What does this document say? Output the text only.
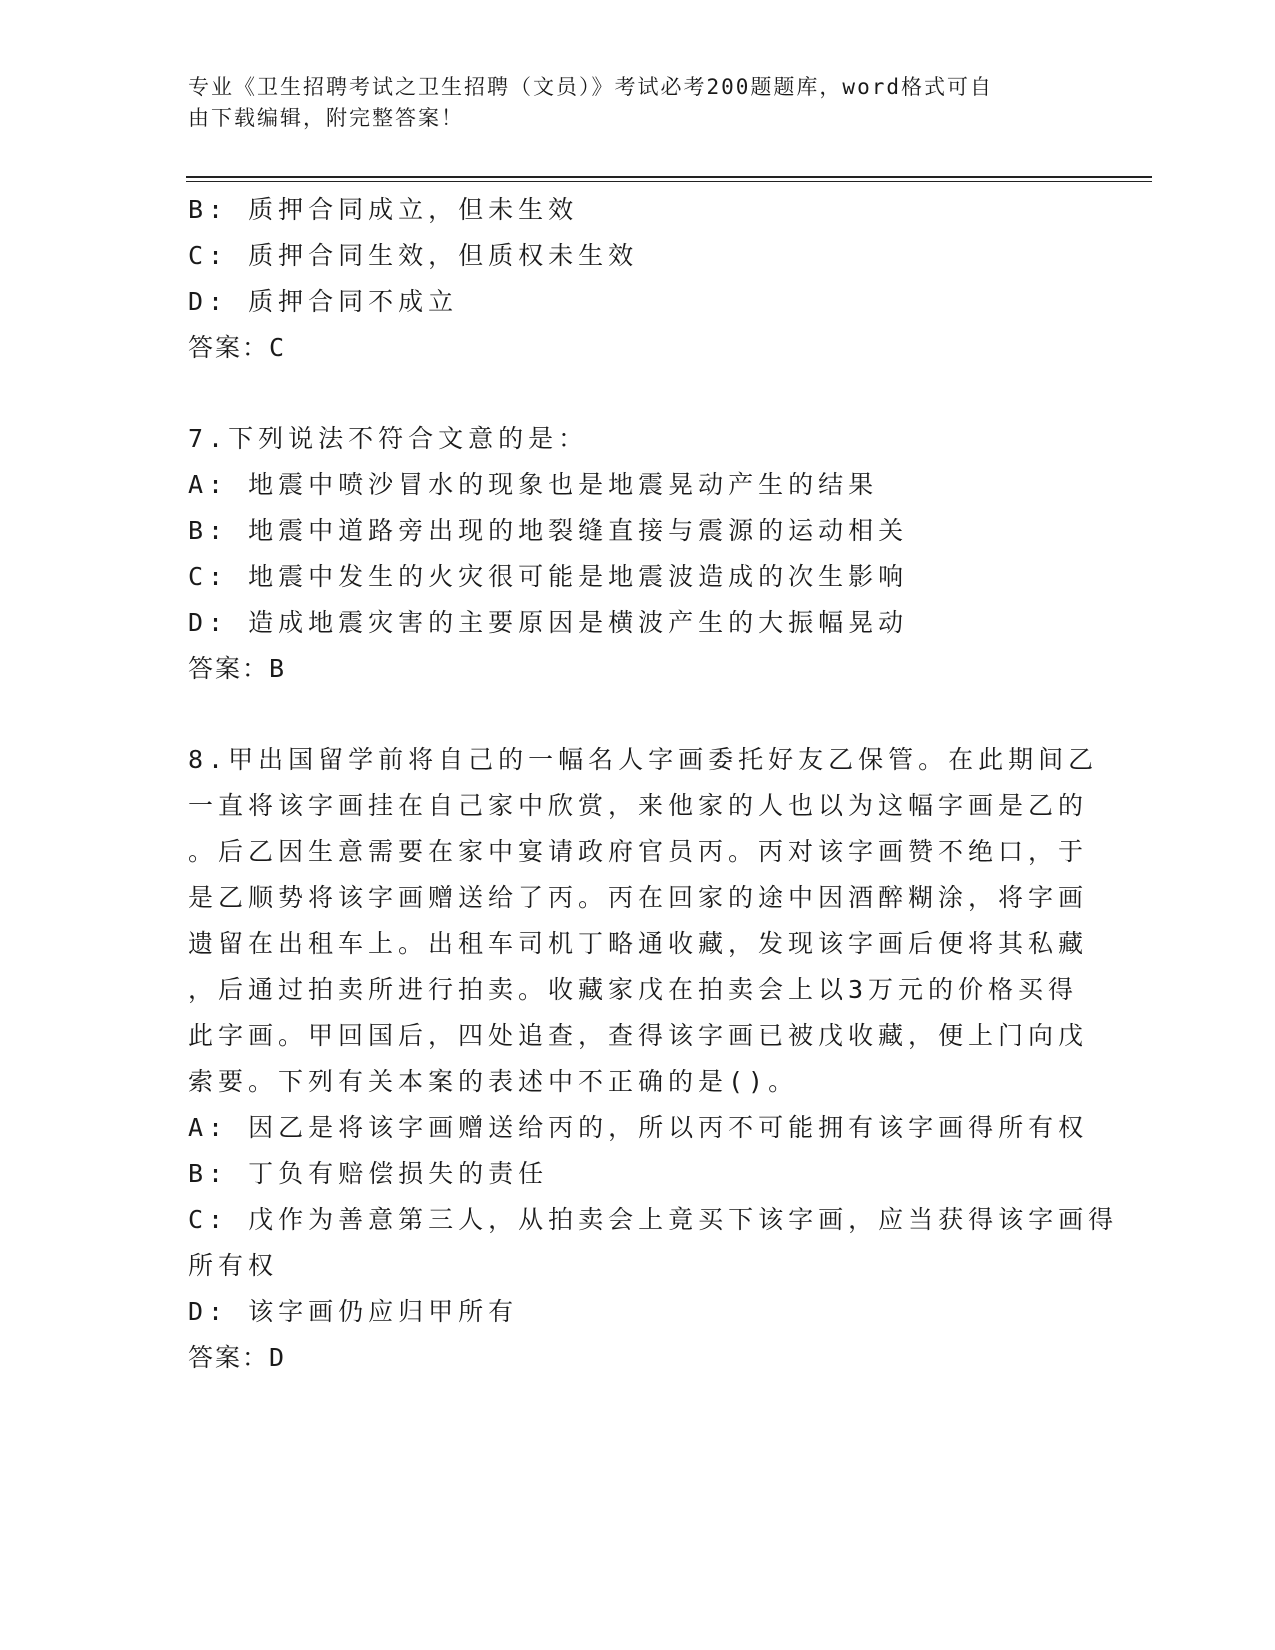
专业《卫生招聘考试之卫生招聘（文员）》考试必考200题题库，word格式可自
由下载编辑，附完整答案！
B: 质押合同成立，但未生效
C: 质押合同生效，但质权未生效
D: 质押合同不成立
答案：C
7.下列说法不符合文意的是：
A: 地震中喷沙冒水的现象也是地震晃动产生的结果
B: 地震中道路旁出现的地裂缝直接与震源的运动相关
C: 地震中发生的火灾很可能是地震波造成的次生影响
D: 造成地震灾害的主要原因是横波产生的大振幅晃动
答案：B
8.甲出国留学前将自己的一幅名人字画委托好友乙保管。在此期间乙
一直将该字画挂在自己家中欣赏，来他家的人也以为这幅字画是乙的
。后乙因生意需要在家中宴请政府官员丙。丙对该字画赞不绝口，于
是乙顺势将该字画赠送给了丙。丙在回家的途中因酒醉糊涂，将字画
遗留在出租车上。出租车司机丁略通收藏，发现该字画后便将其私藏
，后通过拍卖所进行拍卖。收藏家戊在拍卖会上以3万元的价格买得
此字画。甲回国后，四处追查，查得该字画已被戊收藏，便上门向戊
索要。下列有关本案的表述中不正确的是()。
A: 因乙是将该字画赠送给丙的，所以丙不可能拥有该字画得所有权
B: 丁负有赔偿损失的责任
C: 戊作为善意第三人，从拍卖会上竟买下该字画，应当获得该字画得
所有权
D: 该字画仍应归甲所有
答案：D
